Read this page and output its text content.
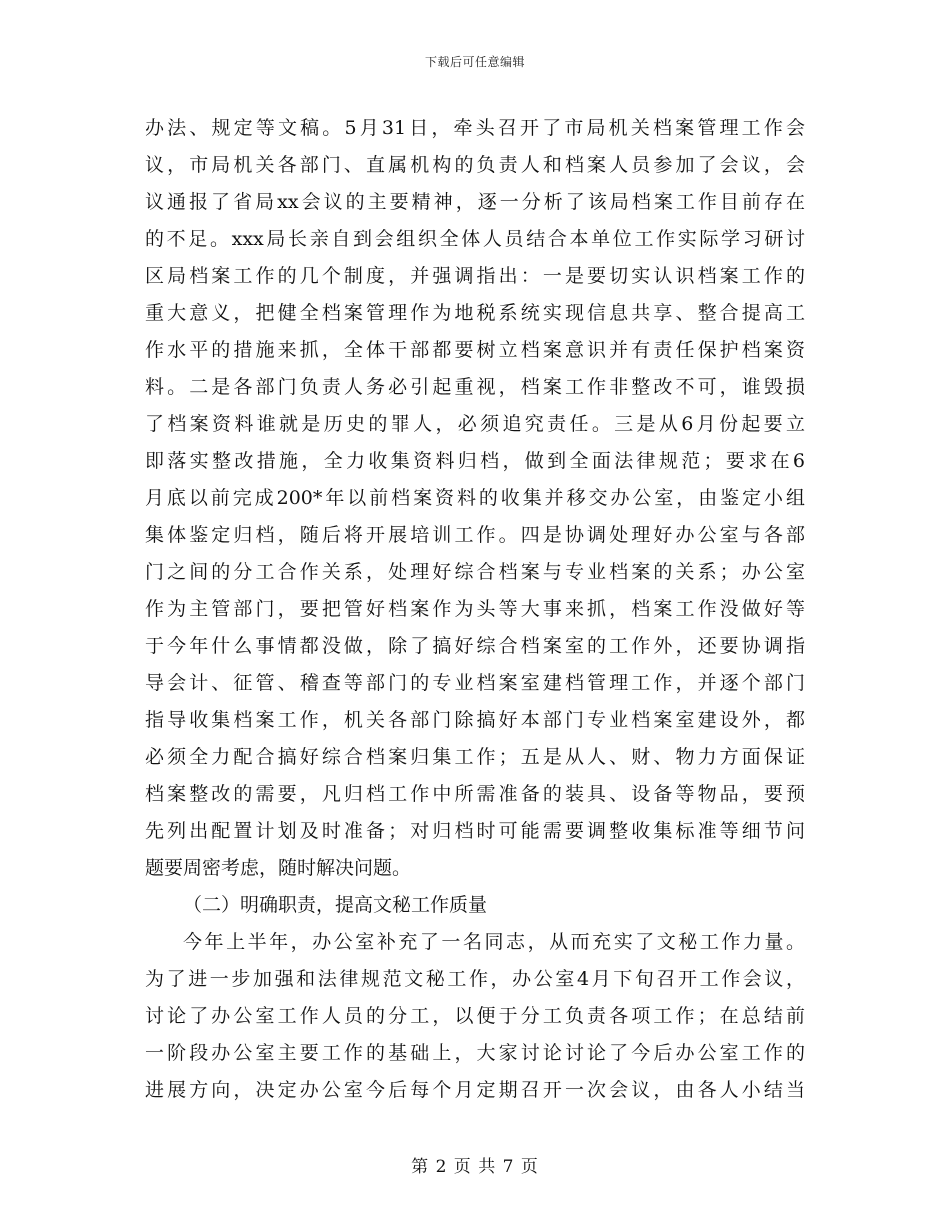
下载后可任意编辑
办法、规定等文稿。5月31日，牵头召开了市局机关档案管理工作会
议，市局机关各部门、直属机构的负责人和档案人员参加了会议，会
议通报了省局xx会议的主要精神，逐一分析了该局档案工作目前存在
的不足。xxx局长亲自到会组织全体人员结合本单位工作实际学习研讨
区局档案工作的几个制度，并强调指出：一是要切实认识档案工作的
重大意义，把健全档案管理作为地税系统实现信息共享、整合提高工
作水平的措施来抓，全体干部都要树立档案意识并有责任保护档案资
料。二是各部门负责人务必引起重视，档案工作非整改不可，谁毁损
了档案资料谁就是历史的罪人，必须追究责任。三是从6月份起要立
即落实整改措施，全力收集资料归档，做到全面法律规范；要求在6
月底以前完成200*年以前档案资料的收集并移交办公室，由鉴定小组
集体鉴定归档，随后将开展培训工作。四是协调处理好办公室与各部
门之间的分工合作关系，处理好综合档案与专业档案的关系；办公室
作为主管部门，要把管好档案作为头等大事来抓，档案工作没做好等
于今年什么事情都没做，除了搞好综合档案室的工作外，还要协调指
导会计、征管、稽查等部门的专业档案室建档管理工作，并逐个部门
指导收集档案工作，机关各部门除搞好本部门专业档案室建设外，都
必须全力配合搞好综合档案归集工作；五是从人、财、物力方面保证
档案整改的需要，凡归档工作中所需准备的装具、设备等物品，要预
先列出配置计划及时准备；对归档时可能需要调整收集标准等细节问
题要周密考虑，随时解决问题。
（二）明确职责，提高文秘工作质量
今年上半年，办公室补充了一名同志，从而充实了文秘工作力量。
为了进一步加强和法律规范文秘工作，办公室4月下旬召开工作会议，
讨论了办公室工作人员的分工，以便于分工负责各项工作；在总结前
一阶段办公室主要工作的基础上，大家讨论讨论了今后办公室工作的
进展方向，决定办公室今后每个月定期召开一次会议，由各人小结当
第 2 页 共 7 页
